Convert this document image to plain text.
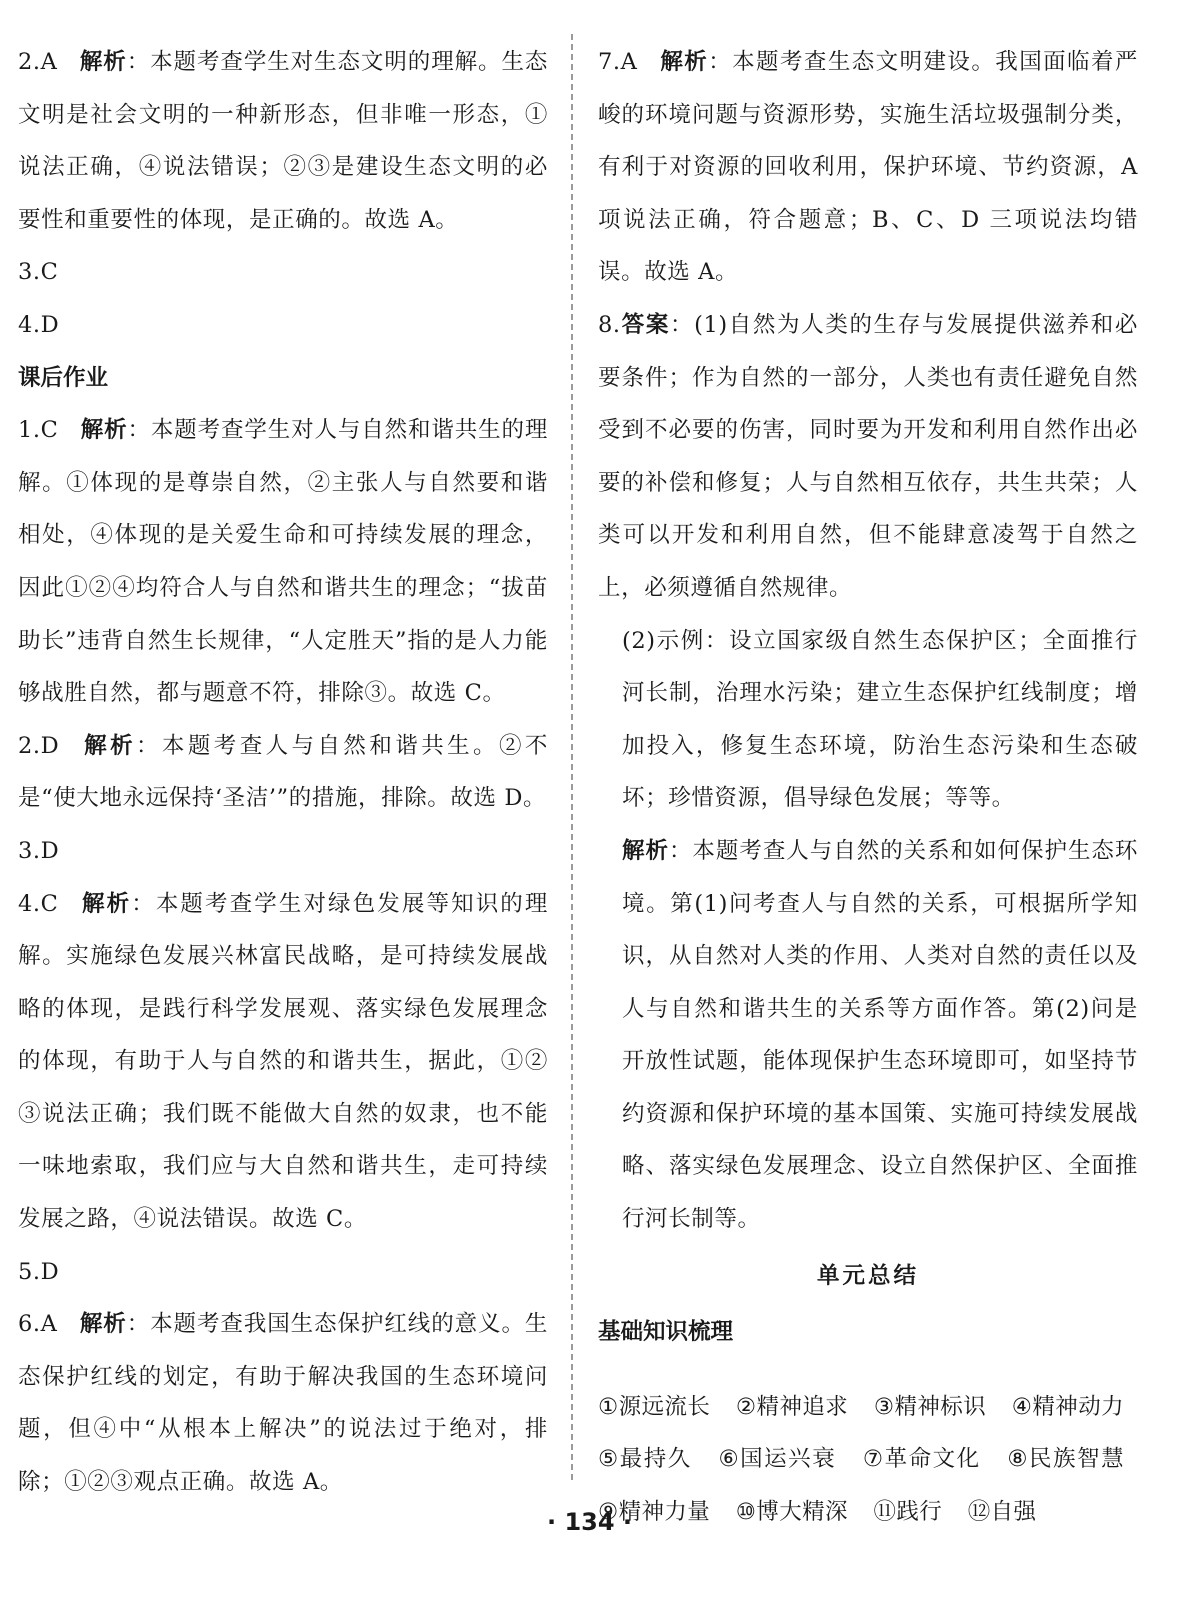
2.A 解析：本题考查学生对生态文明的理解。生态文明是社会文明的一种新形态，但非唯一形态，①说法正确，④说法错误；②③是建设生态文明的必要性和重要性的体现，是正确的。故选 A。

3.C

4.D

课后作业

1.C 解析：本题考查学生对人与自然和谐共生的理解。①体现的是尊崇自然，②主张人与自然要和谐相处，④体现的是关爱生命和可持续发展的理念，因此①②④均符合人与自然和谐共生的理念；“拔苗助长”违背自然生长规律，“人定胜天”指的是人力能够战胜自然，都与题意不符，排除③。故选 C。

2.D 解析：本题考查人与自然和谐共生。②不是“使大地永远保持‘圣洁’”的措施，排除。故选 D。

3.D

4.C 解析：本题考查学生对绿色发展等知识的理解。实施绿色发展兴林富民战略，是可持续发展战略的体现，是践行科学发展观、落实绿色发展理念的体现，有助于人与自然的和谐共生，据此，①②③说法正确；我们既不能做大自然的奴隶，也不能一味地索取，我们应与大自然和谐共生，走可持续发展之路，④说法错误。故选 C。

5.D

6.A 解析：本题考查我国生态保护红线的意义。生态保护红线的划定，有助于解决我国的生态环境问题，但④中“从根本上解决”的说法过于绝对，排除；①②③观点正确。故选 A。

7.A 解析：本题考查生态文明建设。我国面临着严峻的环境问题与资源形势，实施生活垃圾强制分类，有利于对资源的回收利用，保护环境、节约资源，A 项说法正确，符合题意；B、C、D 三项说法均错误。故选 A。

8.答案：(1)自然为人类的生存与发展提供滋养和必要条件；作为自然的一部分，人类也有责任避免自然受到不必要的伤害，同时要为开发和利用自然作出必要的补偿和修复；人与自然相互依存，共生共荣；人类可以开发和利用自然，但不能肆意凌驾于自然之上，必须遵循自然规律。

(2)示例：设立国家级自然生态保护区；全面推行河长制，治理水污染；建立生态保护红线制度；增加投入，修复生态环境，防治生态污染和生态破坏；珍惜资源，倡导绿色发展；等等。

解析：本题考查人与自然的关系和如何保护生态环境。第(1)问考查人与自然的关系，可根据所学知识，从自然对人类的作用、人类对自然的责任以及人与自然和谐共生的关系等方面作答。第(2)问是开放性试题，能体现保护生态环境即可，如坚持节约资源和保护环境的基本国策、实施可持续发展战略、落实绿色发展理念、设立自然保护区、全面推行河长制等。

单元总结

基础知识梳理

①源远流长 ②精神追求 ③精神标识 ④精神动力 ⑤最持久 ⑥国运兴衰 ⑦革命文化 ⑧民族智慧 ⑨精神力量 ⑩博大精深 ⑪践行 ⑫自强

· 134 ·
